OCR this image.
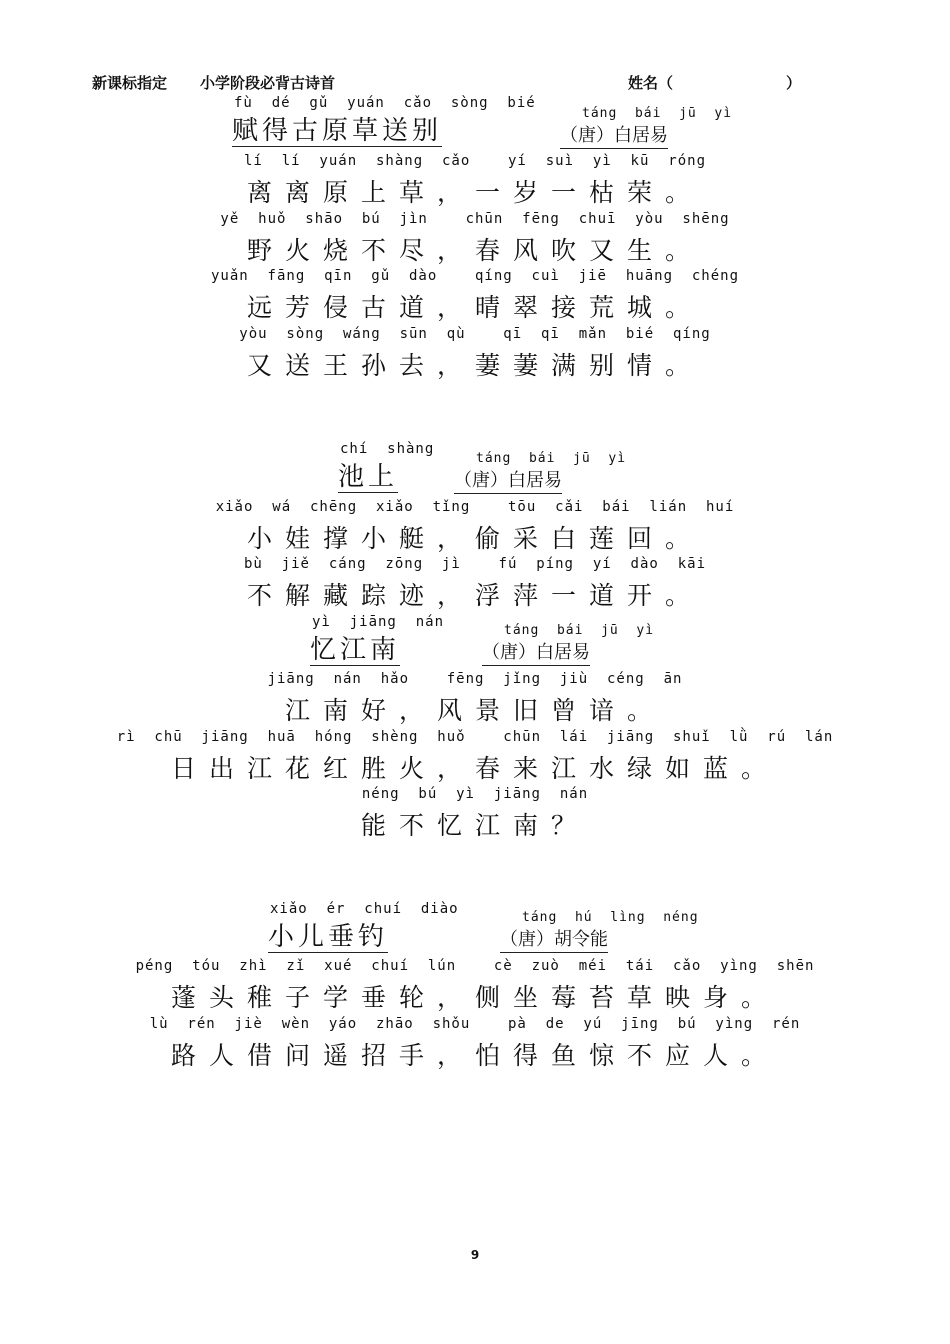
新课标指定 小学阶段必背古诗首	姓名（	）
fù  dé  gǔ  yuán  cǎo  sòng  bié
赋得古原草送别
táng  bái  jū  yì
（唐）白居易
lí  lí  yuán  shàng  cǎo    yí  suì  yì  kū  róng
离离原上草，一岁一枯荣。
yě  huǒ  shāo  bú  jìn    chūn  fēng  chuī  yòu  shēng
野火烧不尽，春风吹又生。
yuǎn  fāng  qīn  gǔ  dào    qíng  cuì  jiē  huāng  chéng
远芳侵古道，晴翠接荒城。
yòu  sòng  wáng  sūn  qù    qī  qī  mǎn  bié  qíng
又送王孙去，萋萋满别情。
chí  shàng
池上
táng  bái  jū  yì
（唐）白居易
xiǎo  wá  chēng  xiǎo  tǐng    tōu  cǎi  bái  lián  huí
小娃撑小艇，偷采白莲回。
bù  jiě  cáng  zōng  jì    fú  píng  yí  dào  kāi
不解藏踪迹，浮萍一道开。
yì  jiāng  nán
忆江南
táng  bái  jū  yì
（唐）白居易
jiāng  nán  hǎo    fēng  jǐng  jiù  céng  ān
江南好，风景旧曾谙。
rì  chū  jiāng  huā  hóng  shèng  huǒ    chūn  lái  jiāng  shuǐ  lǜ  rú  lán
日出江花红胜火，春来江水绿如蓝。
néng  bú  yì  jiāng  nán
能不忆江南？
xiǎo  ér  chuí  diào
小儿垂钓
táng  hú  lìng  néng
（唐）胡令能
péng  tóu  zhì  zǐ  xué  chuí  lún    cè  zuò  méi  tái  cǎo  yìng  shēn
蓬头稚子学垂轮，侧坐莓苔草映身。
lù  rén  jiè  wèn  yáo  zhāo  shǒu    pà  de  yú  jīng  bú  yìng  rén
路人借问遥招手，怕得鱼惊不应人。
9
